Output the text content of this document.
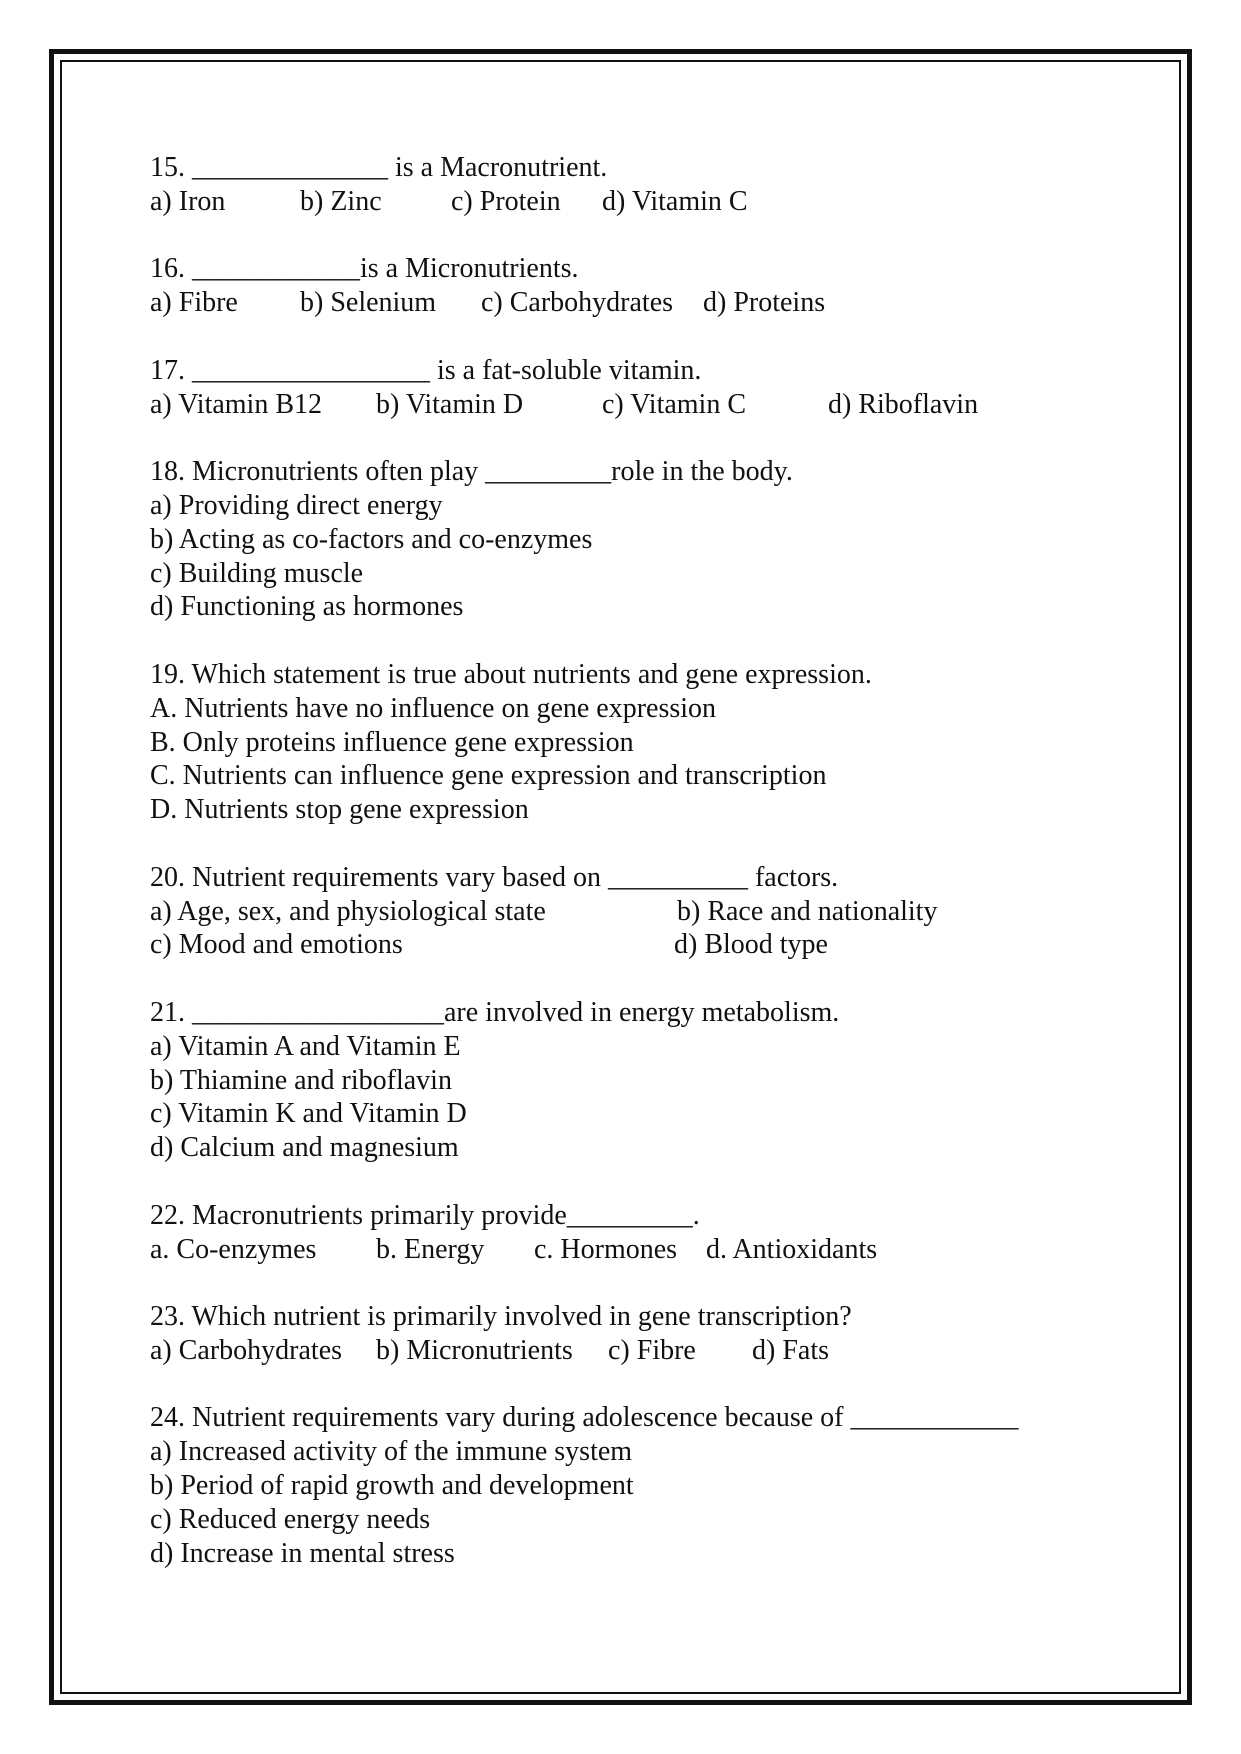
15. ______________ is a Macronutrient.

a) Iron

	b) Zinc

c) Protein

d) Vitamin C

16. ____________is a Micronutrients.

a) Fibre

b) Selenium

c) Carbohydrates

d) Proteins

17. _________________ is a fat-soluble vitamin.

a) Vitamin B12

b) Vitamin D

	c) Vitamin C

	d) Riboflavin

18. Micronutrients often play _________role in the body.
a) Providing direct energy
b) Acting as co-factors and co-enzymes
c) Building muscle
d) Functioning as hormones
19. Which statement is true about nutrients and gene expression.
A. Nutrients have no influence on gene expression
B. Only proteins influence gene expression
C. Nutrients can influence gene expression and transcription
D. Nutrients stop gene expression
20. Nutrient requirements vary based on __________ factors.

a) Age, sex, and physiological state

	b) Race and nationality

c) Mood and emotions

	d) Blood type

21. __________________are involved in energy metabolism.
a) Vitamin A and Vitamin E
b) Thiamine and riboflavin
c) Vitamin K and Vitamin D
d) Calcium and magnesium
22. Macronutrients primarily provide_________.

a. Co-enzymes

b. Energy

c. Hormones

d. Antioxidants

23. Which nutrient is primarily involved in gene transcription?

a) Carbohydrates

b) Micronutrients

c) Fibre

d) Fats

24. Nutrient requirements vary during adolescence because of ____________
a) Increased activity of the immune system
b) Period of rapid growth and development
c) Reduced energy needs
d) Increase in mental stress
